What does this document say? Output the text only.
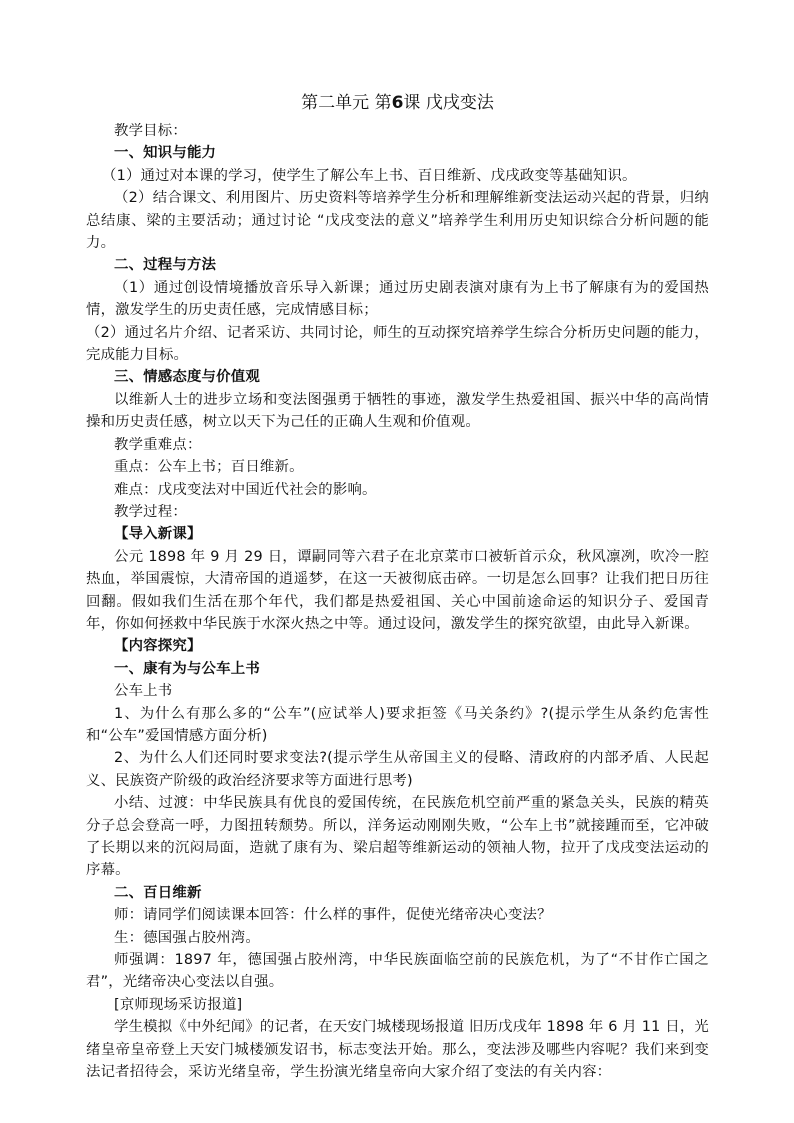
第二单元 第6课 戊戌变法

教学目标：

一、知识与能力

（1）通过对本课的学习，使学生了解公车上书、百日维新、戊戌政变等基础知识。

（2）结合课文、利用图片、历史资料等培养学生分析和理解维新变法运动兴起的背景，归纳总结康、梁的主要活动；通过讨论 “戊戌变法的意义”培养学生利用历史知识综合分析问题的能力。

二、过程与方法

（1）通过创设情境播放音乐导入新课；通过历史剧表演对康有为上书了解康有为的爱国热情，激发学生的历史责任感，完成情感目标；

（2）通过名片介绍、记者采访、共同讨论，师生的互动探究培养学生综合分析历史问题的能力，完成能力目标。

三、情感态度与价值观

以维新人士的进步立场和变法图强勇于牺牲的事迹，激发学生热爱祖国、振兴中华的高尚情操和历史责任感，树立以天下为己任的正确人生观和价值观。

教学重难点：

重点：公车上书；百日维新。

难点：戊戌变法对中国近代社会的影响。

教学过程：

【导入新课】

公元 1898 年 9 月 29 日，谭嗣同等六君子在北京菜市口被斩首示众，秋风凛冽，吹冷一腔热血，举国震惊，大清帝国的逍遥梦，在这一天被彻底击碎。一切是怎么回事？让我们把日历往回翻。假如我们生活在那个年代，我们都是热爱祖国、关心中国前途命运的知识分子、爱国青年，你如何拯救中华民族于水深火热之中等。通过设问，激发学生的探究欲望，由此导入新课。

【内容探究】

一、康有为与公车上书

公车上书

1、为什么有那么多的“公车”(应试举人)要求拒签《马关条约》?(提示学生从条约危害性和“公车”爱国情感方面分析)

2、为什么人们还同时要求变法?(提示学生从帝国主义的侵略、清政府的内部矛盾、人民起义、民族资产阶级的政治经济要求等方面进行思考)

小结、过渡：中华民族具有优良的爱国传统，在民族危机空前严重的紧急关头，民族的精英分子总会登高一呼，力图扭转颓势。所以，洋务运动刚刚失败，“公车上书”就接踵而至，它冲破了长期以来的沉闷局面，造就了康有为、梁启超等维新运动的领袖人物，拉开了戊戌变法运动的序幕。

二、百日维新

师：请同学们阅读课本回答：什么样的事件，促使光绪帝决心变法？

生：德国强占胶州湾。

师强调：1897 年，德国强占胶州湾，中华民族面临空前的民族危机，为了“不甘作亡国之君”，光绪帝决心变法以自强。

[京师现场采访报道]

学生模拟《中外纪闻》的记者，在天安门城楼现场报道 旧历戊戌年 1898 年 6 月 11 日，光绪皇帝皇帝登上天安门城楼颁发诏书，标志变法开始。那么，变法涉及哪些内容呢？我们来到变法记者招待会，采访光绪皇帝，学生扮演光绪皇帝向大家介绍了变法的有关内容：
